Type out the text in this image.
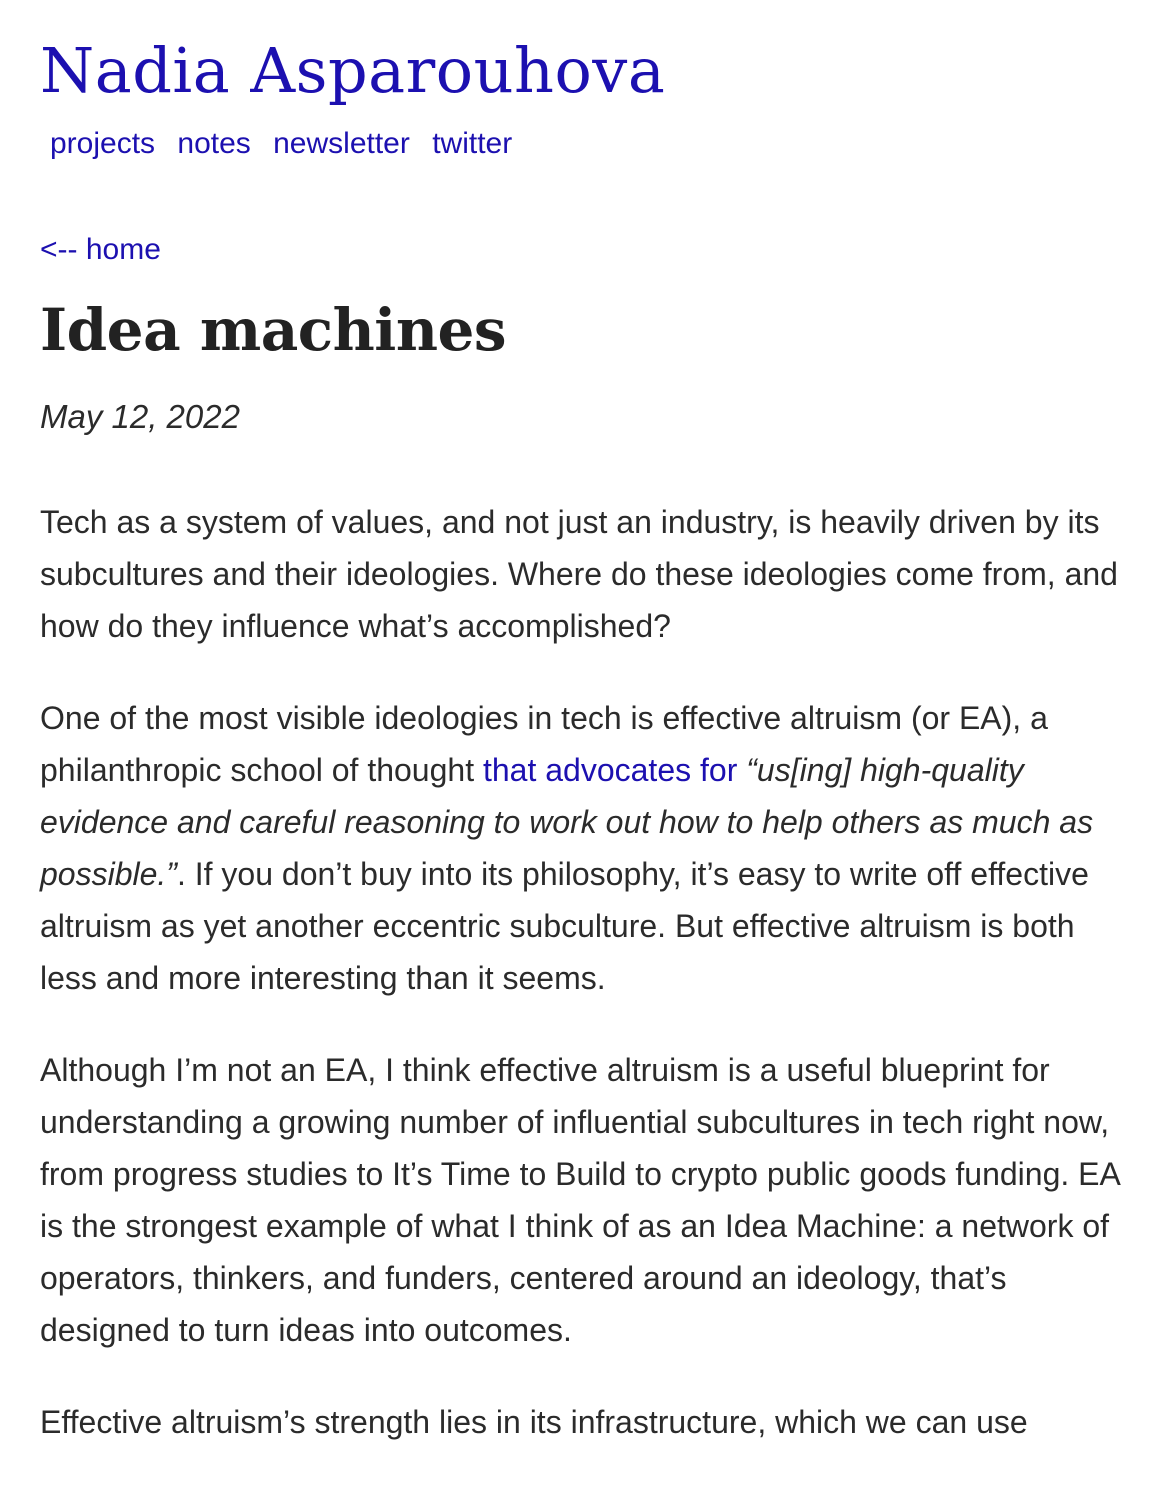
Nadia Asparouhova
projects notes newsletter twitter
<-- home
Idea machines
May 12, 2022

Tech as a system of values, and not just an industry, is heavily driven by its subcultures and their ideologies. Where do these ideologies come from, and how do they influence what’s accomplished?

One of the most visible ideologies in tech is effective altruism (or EA), a philanthropic school of thought that advocates for “us[ing] high-quality evidence and careful reasoning to work out how to help others as much as possible.”. If you don’t buy into its philosophy, it’s easy to write off effective altruism as yet another eccentric subculture. But effective altruism is both less and more interesting than it seems.

Although I’m not an EA, I think effective altruism is a useful blueprint for understanding a growing number of influential subcultures in tech right now, from progress studies to It’s Time to Build to crypto public goods funding. EA is the strongest example of what I think of as an Idea Machine: a network of operators, thinkers, and funders, centered around an ideology, that’s designed to turn ideas into outcomes.

Effective altruism’s strength lies in its infrastructure, which we can use
